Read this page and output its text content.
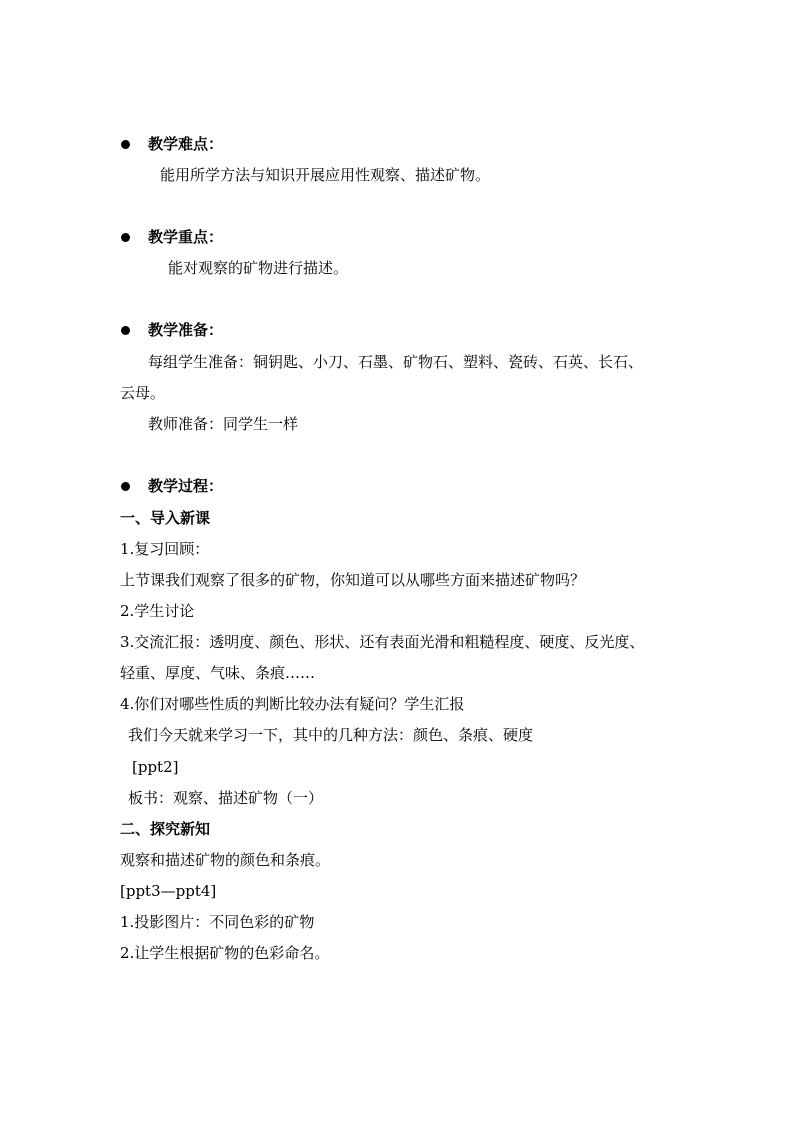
教学难点：
能用所学方法与知识开展应用性观察、描述矿物。
教学重点：
能对观察的矿物进行描述。
教学准备：
每组学生准备：铜钥匙、小刀、石墨、矿物石、塑料、瓷砖、石英、长石、
云母。
教师准备：同学生一样
教学过程：
一、导入新课
1.复习回顾：
上节课我们观察了很多的矿物，你知道可以从哪些方面来描述矿物吗？
2.学生讨论
3.交流汇报：透明度、颜色、形状、还有表面光滑和粗糙程度、硬度、反光度、
轻重、厚度、气味、条痕……
4.你们对哪些性质的判断比较办法有疑问？学生汇报
我们今天就来学习一下，其中的几种方法：颜色、条痕、硬度
[ppt2]
板书：观察、描述矿物（一）
二、探究新知
观察和描述矿物的颜色和条痕。
[ppt3—ppt4]
1.投影图片：不同色彩的矿物
2.让学生根据矿物的色彩命名。
